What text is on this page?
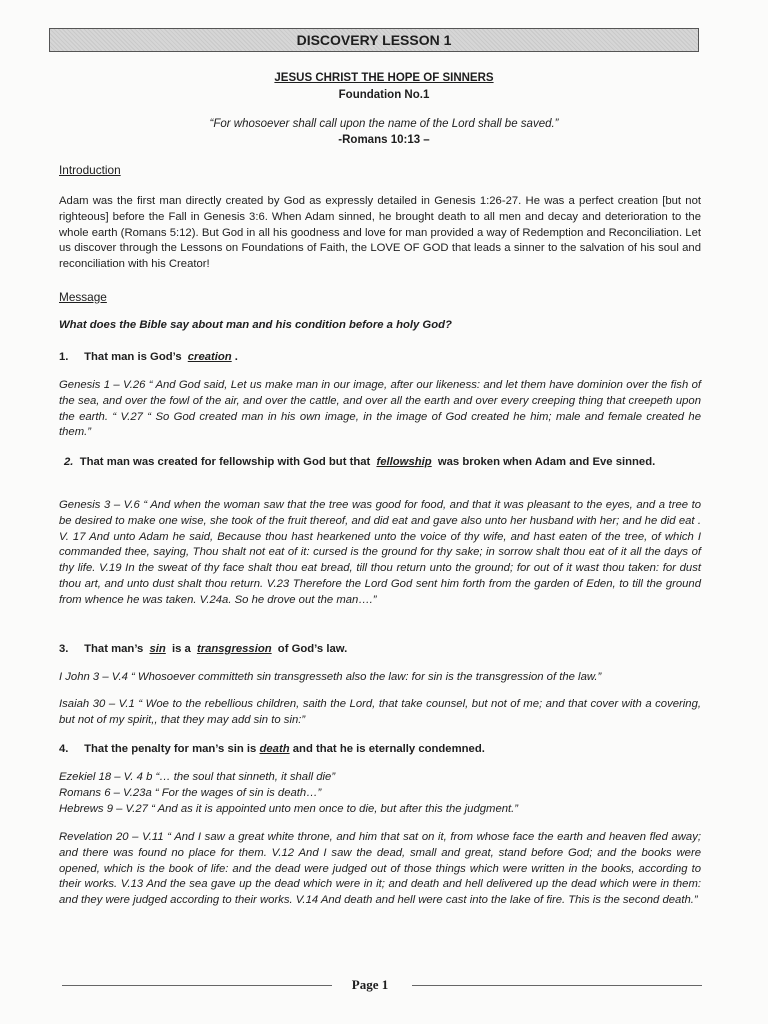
DISCOVERY LESSON 1
JESUS CHRIST THE HOPE OF SINNERS
Foundation No.1
“For whosoever shall call upon the name of the Lord shall be saved.”
-Romans 10:13 –
Introduction
Adam was the first man directly created by God as expressly detailed in Genesis 1:26-27. He was a perfect creation [but not righteous] before the Fall in Genesis 3:6. When Adam sinned, he brought death to all men and decay and deterioration to the whole earth (Romans 5:12). But God in all his goodness and love for man provided a way of Redemption and Reconciliation. Let us discover through the Lessons on Foundations of Faith, the LOVE OF GOD that leads a sinner to the salvation of his soul and reconciliation with his Creator!
Message
What does the Bible say about man and his condition before a holy God?
1. That man is God’s creation .
Genesis 1 – V.26 “ And God said, Let us make man in our image, after our likeness: and let them have dominion over the fish of the sea, and over the fowl of the air, and over the cattle, and over all the earth and over every creeping thing that creepeth upon the earth. “ V.27 “ So God created man in his own image, in the image of God created he him; male and female created he them.”
2. That man was created for fellowship with God but that fellowship was broken when Adam and Eve sinned.
Genesis 3 – V.6 “ And when the woman saw that the tree was good for food, and that it was pleasant to the eyes, and a tree to be desired to make one wise, she took of the fruit thereof, and did eat and gave also unto her husband with her; and he did eat . V. 17 And unto Adam he said, Because thou hast hearkened unto the voice of thy wife, and hast eaten of the tree, of which I commanded thee, saying, Thou shalt not eat of it: cursed is the ground for thy sake; in sorrow shalt thou eat of it all the days of thy life. V.19 In the sweat of thy face shalt thou eat bread, till thou return unto the ground; for out of it wast thou taken: for dust thou art, and unto dust shalt thou return. V.23 Therefore the Lord God sent him forth from the garden of Eden, to till the ground from whence he was taken. V.24a. So he drove out the man….”
3. That man’s sin is a transgression of God’s law.
I John 3 – V.4 “ Whosoever committeth sin transgresseth also the law: for sin is the transgression of the law.”
Isaiah 30 – V.1 “ Woe to the rebellious children, saith the Lord, that take counsel, but not of me; and that cover with a covering, but not of my spirit,, that they may add sin to sin:”
4. That the penalty for man’s sin is death and that he is eternally condemned.
Ezekiel 18 – V. 4 b “… the soul that sinneth, it shall die”
Romans 6 – V.23a “ For the wages of sin is death…”
Hebrews 9 – V.27 “ And as it is appointed unto men once to die, but after this the judgment.”
Revelation 20 – V.11 “ And I saw a great white throne, and him that sat on it, from whose face the earth and heaven fled away; and there was found no place for them. V.12 And I saw the dead, small and great, stand before God; and the books were opened, which is the book of life: and the dead were judged out of those things which were written in the books, according to their works. V.13 And the sea gave up the dead which were in it; and death and hell delivered up the dead which were in them: and they were judged according to their works. V.14 And death and hell were cast into the lake of fire. This is the second death.”
Page 1
